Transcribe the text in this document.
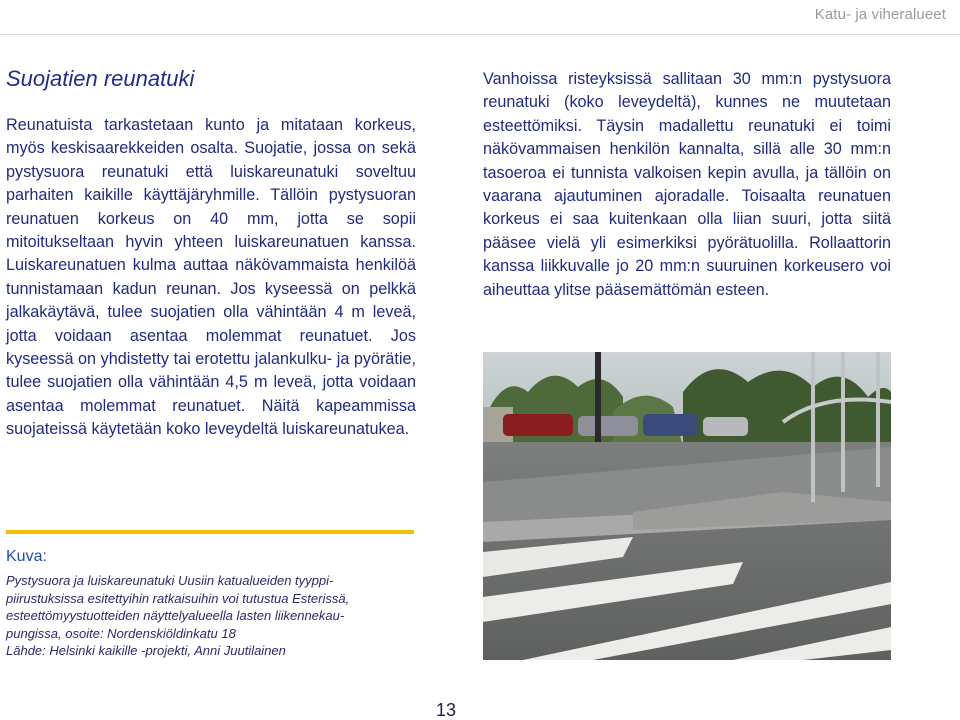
Katu- ja viheralueet
Suojatien reunatuki

Reunatuista tarkastetaan kunto ja mitataan korkeus, myös keskisaarekkeiden osalta. Suojatie, jossa on sekä pystysuora reunatuki että luiskareunatuki soveltuu parhaiten kaikille käyttäjäryhmille. Tällöin pystysuoran reunatuen korkeus on 40 mm, jotta se sopii mitoitukseltaan hyvin yhteen luiskareunatuen kanssa. Luiskareunatuen kulma auttaa näkövammaista henkilöä tunnistamaan kadun reunan. Jos kyseessä on pelkkä jalkakäytävä, tulee suojatien olla vähintään 4 m leveä, jotta voidaan asentaa molemmat reunatuet. Jos kyseessä on yhdistetty tai erotettu jalankulku- ja pyörätie, tulee suojatien olla vähintään 4,5 m leveä, jotta voidaan asentaa molemmat reunatuet. Näitä kapeammissa suojateissä käytetään koko leveydeltä luiskareunatukea.

Vanhoissa risteyksissä sallitaan 30 mm:n pystysuora reunatuki (koko leveydeltä), kunnes ne muutetaan esteettömiksi. Täysin madallettu reunatuki ei toimi näkövammaisen henkilön kannalta, sillä alle 30 mm:n tasoeroa ei tunnista valkoisen kepin avulla, ja tällöin on vaarana ajautuminen ajoradalle. Toisaalta reunatuen korkeus ei saa kuitenkaan olla liian suuri, jotta siitä pääsee vielä yli esimerkiksi pyörätuolilla. Rollaattorin kanssa liikkuvalle jo 20 mm:n suuruinen korkeusero voi aiheuttaa ylitse pääsemättömän esteen.

Kuva:
Pystysuora ja luiskareunatuki Uusiin katualueiden tyyppi-
piirustuksissa esitettyihin ratkaisuihin voi tutustua Esterissä,
esteettömyystuotteiden näyttelyalueella lasten liikennekau-
pungissa, osoite: Nordenskiöldinkatu 18
Lähde: Helsinki kaikille -projekti, Anni Juutilainen
13
